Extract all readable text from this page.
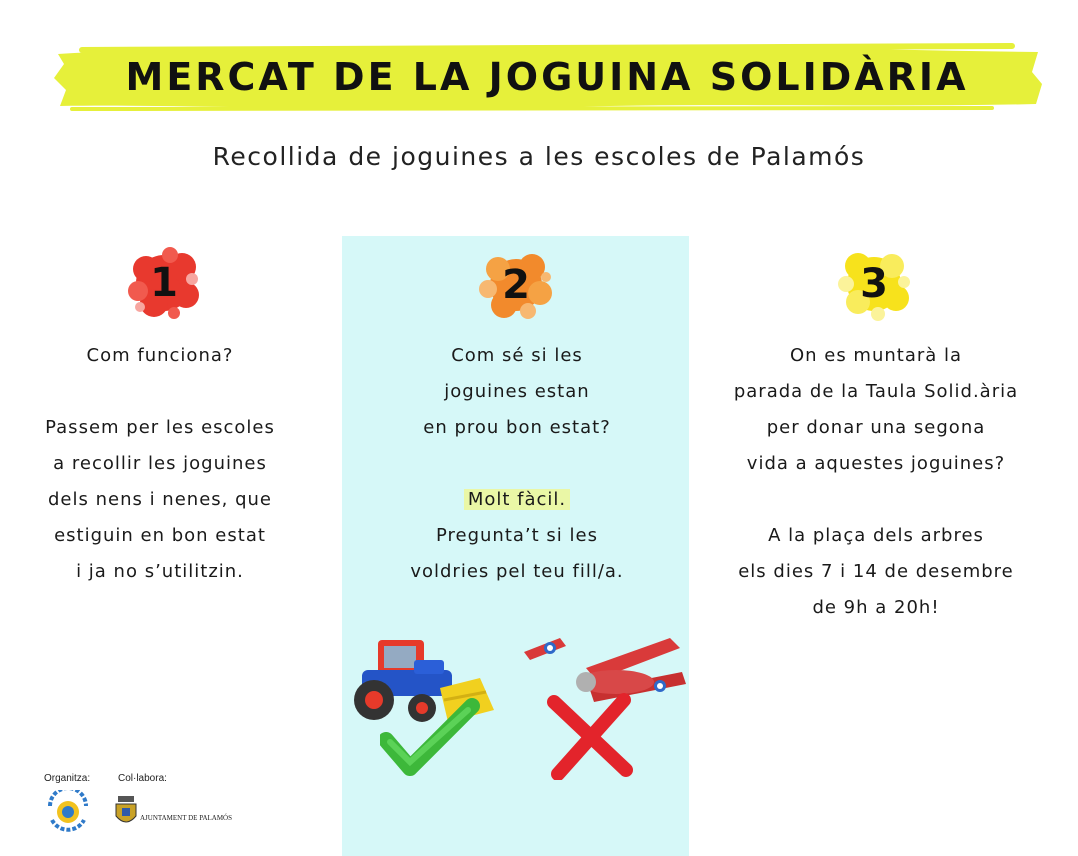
MERCAT DE LA JOGUINA SOLIDÀRIA
Recollida de joguines a les escoles de Palamós
1	2	3
Com funciona?
Passem per les escoles
a recollir les joguines
dels nens i nenes, que
estiguin en bon estat
i ja no s’utilitzin.
Com sé si les
joguines estan
en prou bon estat?
Molt fàcil.
Pregunta’t si les
voldries pel teu fill/a.
On es muntarà la
parada de la Taula Solid.ària
per donar una segona
vida a aquestes joguines?
A la plaça dels arbres
els dies 7 i 14 de desembre
de 9h a 20h!
Organitza:	Col·labora:
AJUNTAMENT DE PALAMÓS
